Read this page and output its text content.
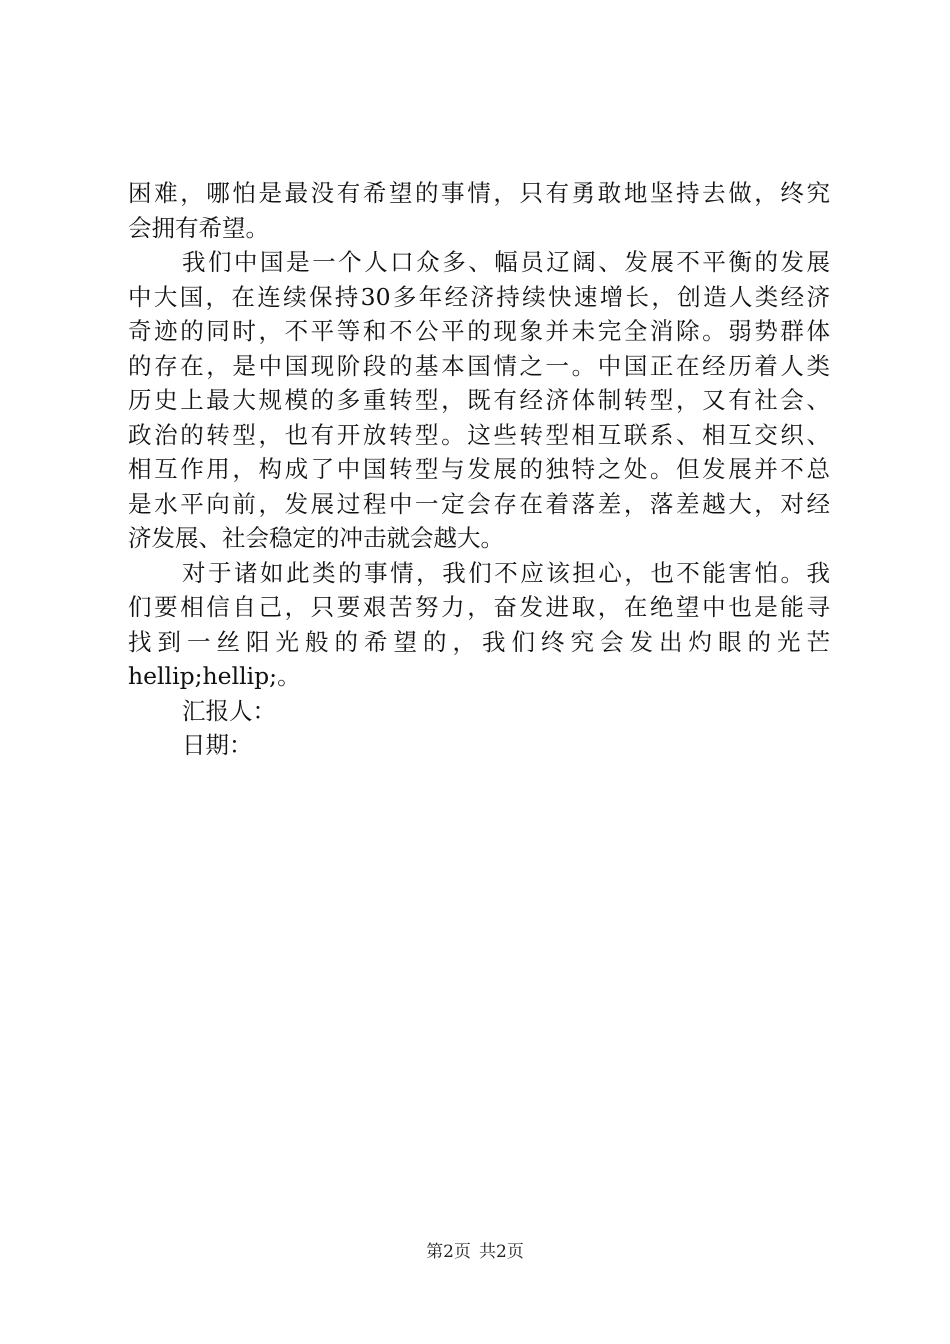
困难，哪怕是最没有希望的事情，只有勇敢地坚持去做，终究
会拥有希望。
我们中国是一个人口众多、幅员辽阔、发展不平衡的发展
中大国，在连续保持30多年经济持续快速增长，创造人类经济
奇迹的同时，不平等和不公平的现象并未完全消除。弱势群体
的存在，是中国现阶段的基本国情之一。中国正在经历着人类
历史上最大规模的多重转型，既有经济体制转型，又有社会、
政治的转型，也有开放转型。这些转型相互联系、相互交织、
相互作用，构成了中国转型与发展的独特之处。但发展并不总
是水平向前，发展过程中一定会存在着落差，落差越大，对经
济发展、社会稳定的冲击就会越大。
对于诸如此类的事情，我们不应该担心，也不能害怕。我
们要相信自己，只要艰苦努力，奋发进取，在绝望中也是能寻
找到一丝阳光般的希望的，我们终究会发出灼眼的光芒
hellip;hellip;。
汇报人：
日期：
第2页 共2页
